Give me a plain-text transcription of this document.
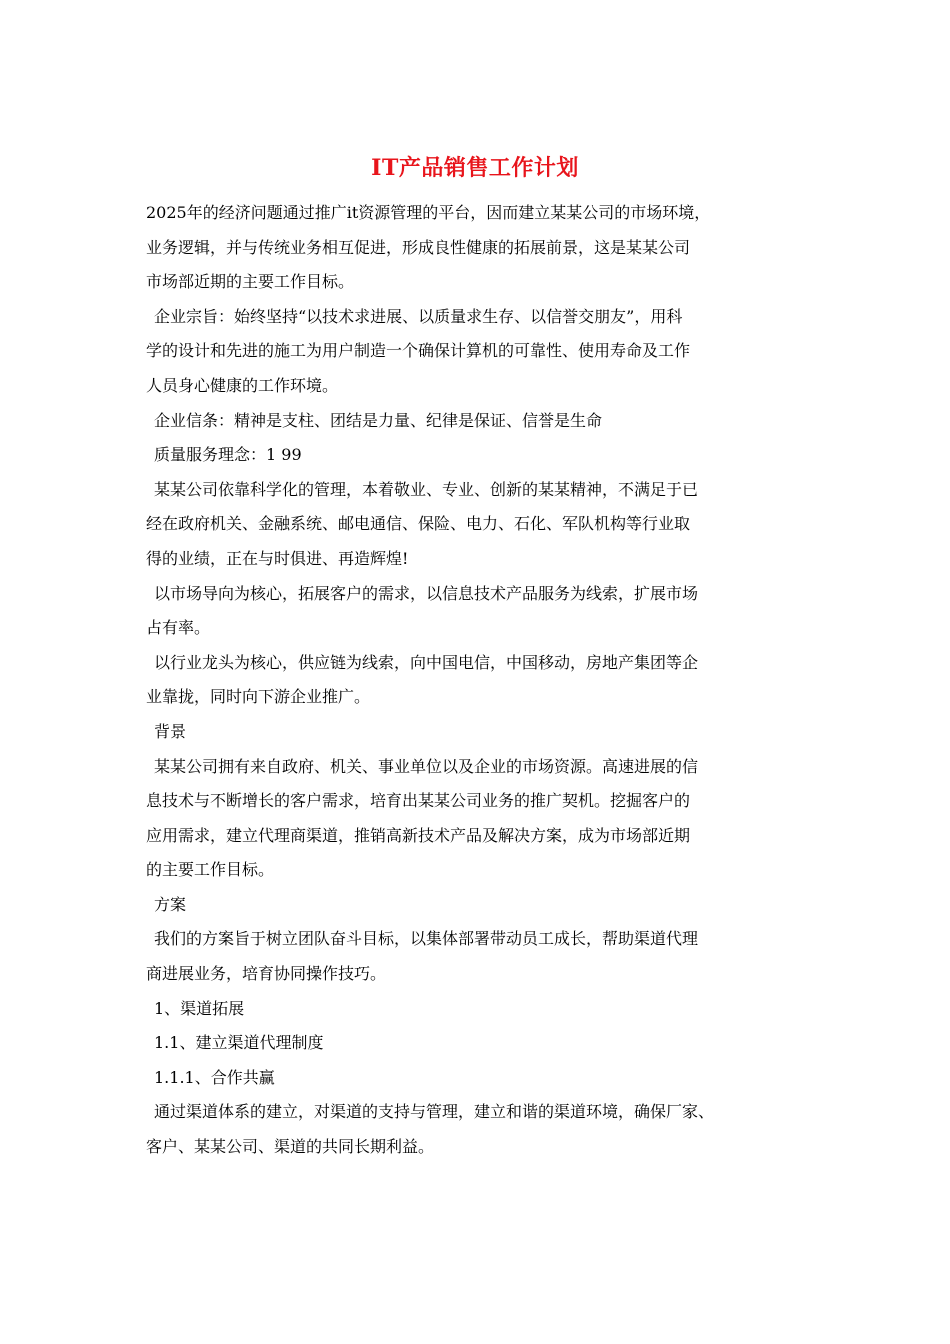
IT产品销售工作计划
2025年的经济问题通过推广it资源管理的平台，因而建立某某公司的市场环境，
业务逻辑，并与传统业务相互促进，形成良性健康的拓展前景，这是某某公司
市场部近期的主要工作目标。
企业宗旨：始终坚持“以技术求进展、以质量求生存、以信誉交朋友”，用科
学的设计和先进的施工为用户制造一个确保计算机的可靠性、使用寿命及工作
人员身心健康的工作环境。
企业信条：精神是支柱、团结是力量、纪律是保证、信誉是生命
质量服务理念：1 99
某某公司依靠科学化的管理，本着敬业、专业、创新的某某精神，不满足于已
经在政府机关、金融系统、邮电通信、保险、电力、石化、军队机构等行业取
得的业绩，正在与时俱进、再造辉煌!
以市场导向为核心，拓展客户的需求，以信息技术产品服务为线索，扩展市场
占有率。
以行业龙头为核心，供应链为线索，向中国电信，中国移动，房地产集团等企
业靠拢，同时向下游企业推广。
背景
某某公司拥有来自政府、机关、事业单位以及企业的市场资源。高速进展的信
息技术与不断增长的客户需求，培育出某某公司业务的推广契机。挖掘客户的
应用需求，建立代理商渠道，推销高新技术产品及解决方案，成为市场部近期
的主要工作目标。
方案
我们的方案旨于树立团队奋斗目标，以集体部署带动员工成长，帮助渠道代理
商进展业务，培育协同操作技巧。
1、渠道拓展
1.1、建立渠道代理制度
1.1.1、合作共赢
通过渠道体系的建立，对渠道的支持与管理，建立和谐的渠道环境，确保厂家、
客户、某某公司、渠道的共同长期利益。
